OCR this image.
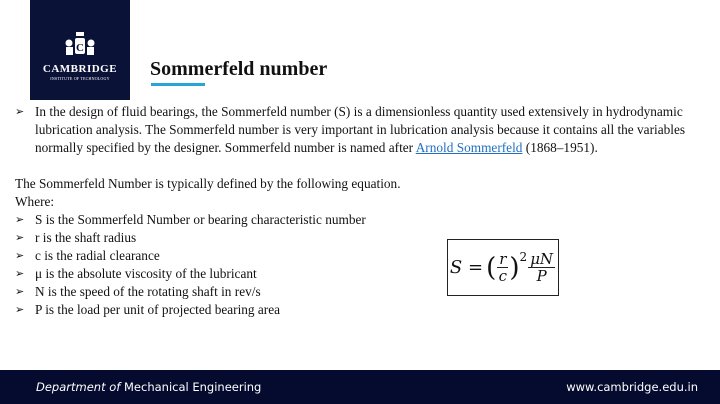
C
CAMBRIDGE
INSTITUTE OF TECHNOLOGY	Sommerfeld number
➢ In the design of fluid bearings, the Sommerfeld number (S) is a dimensionless quantity used extensively in hydrodynamic lubrication analysis. The Sommerfeld number is very important in lubrication analysis because it contains all the variables normally specified by the designer. Sommerfeld number is named after Arnold Sommerfeld (1868–1951).
The Sommerfeld Number is typically defined by the following equation.
Where:
➢ S is the Sommerfeld Number or bearing characteristic number
➢ r is the shaft radius
➢ c is the radial clearance
➢ μ is the absolute viscosity of the lubricant
➢ N is the speed of the rotating shaft in rev/s
➢ P is the load per unit of projected bearing area
S = ( $\frac{r}{c} )^2 \frac{\mu N}{P}$
Department of Mechanical Engineering	www.cambridge.edu.in
